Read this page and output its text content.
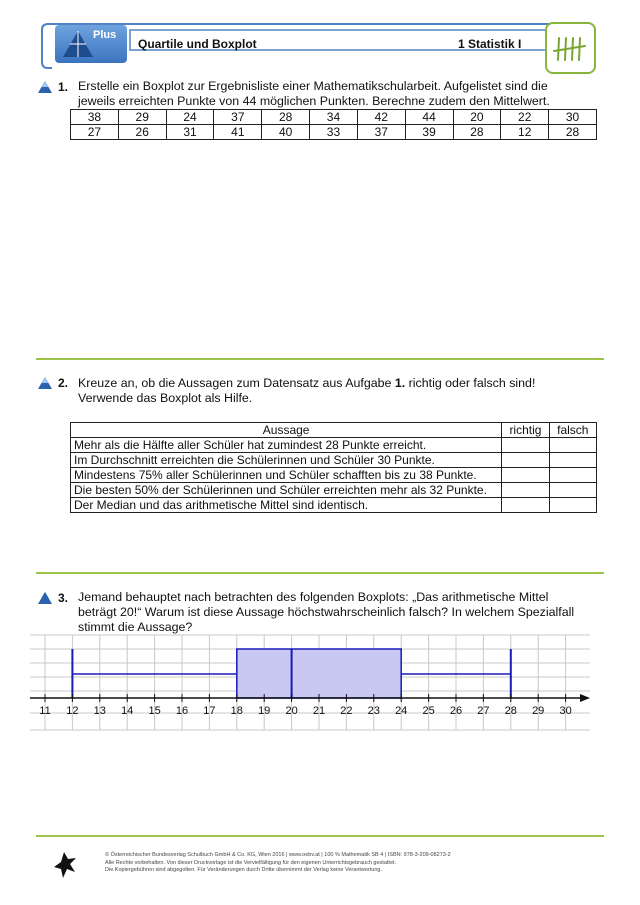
Plus
Quartile und Boxplot	1 Statistik I
1. Erstelle ein Boxplot zur Ergebnisliste einer Mathematikschularbeit. Aufgelistet sind die jeweils erreichten Punkte von 44 möglichen Punkten. Berechne zudem den Mittelwert.
38	29	24	37	28	34	42	44	20	22	30
27	26	31	41	40	33	37	39	28	12	28
2. Kreuze an, ob die Aussagen zum Datensatz aus Aufgabe 1. richtig oder falsch sind!
Verwende das Boxplot als Hilfe.
Aussage	richtig	falsch
Mehr als die Hälfte aller Schüler hat zumindest 28 Punkte erreicht.		
Im Durchschnitt erreichten die Schülerinnen und Schüler 30 Punkte.		
Mindestens 75% aller Schülerinnen und Schüler schafften bis zu 38 Punkte.		
Die besten 50% der Schülerinnen und Schüler erreichten mehr als 32 Punkte.		
Der Median und das arithmetische Mittel sind identisch.		
3. Jemand behauptet nach betrachten des folgenden Boxplots: „Das arithmetische Mittel beträgt 20!“ Warum ist diese Aussage höchstwahrscheinlich falsch? In welchem Spezialfall stimmt die Aussage?
11 12 13 14 15 16 17 18 19 20 21 22 23 24 25 26 27 28 29 30
© Österreichischer Bundesverlag Schulbuch GmbH & Co. KG, Wien 2016 | www.oebv.at | 100 % Mathematik SB 4 | ISBN: 978-3-209-08273-2
Alle Rechte vorbehalten. Von dieser Druckvorlage ist die Vervielfältigung für den eigenen Unterrichtsgebrauch gestattet.
Die Kopiergebühren sind abgegolten. Für Veränderungen durch Dritte übernimmt der Verlag keine Verantwortung.
